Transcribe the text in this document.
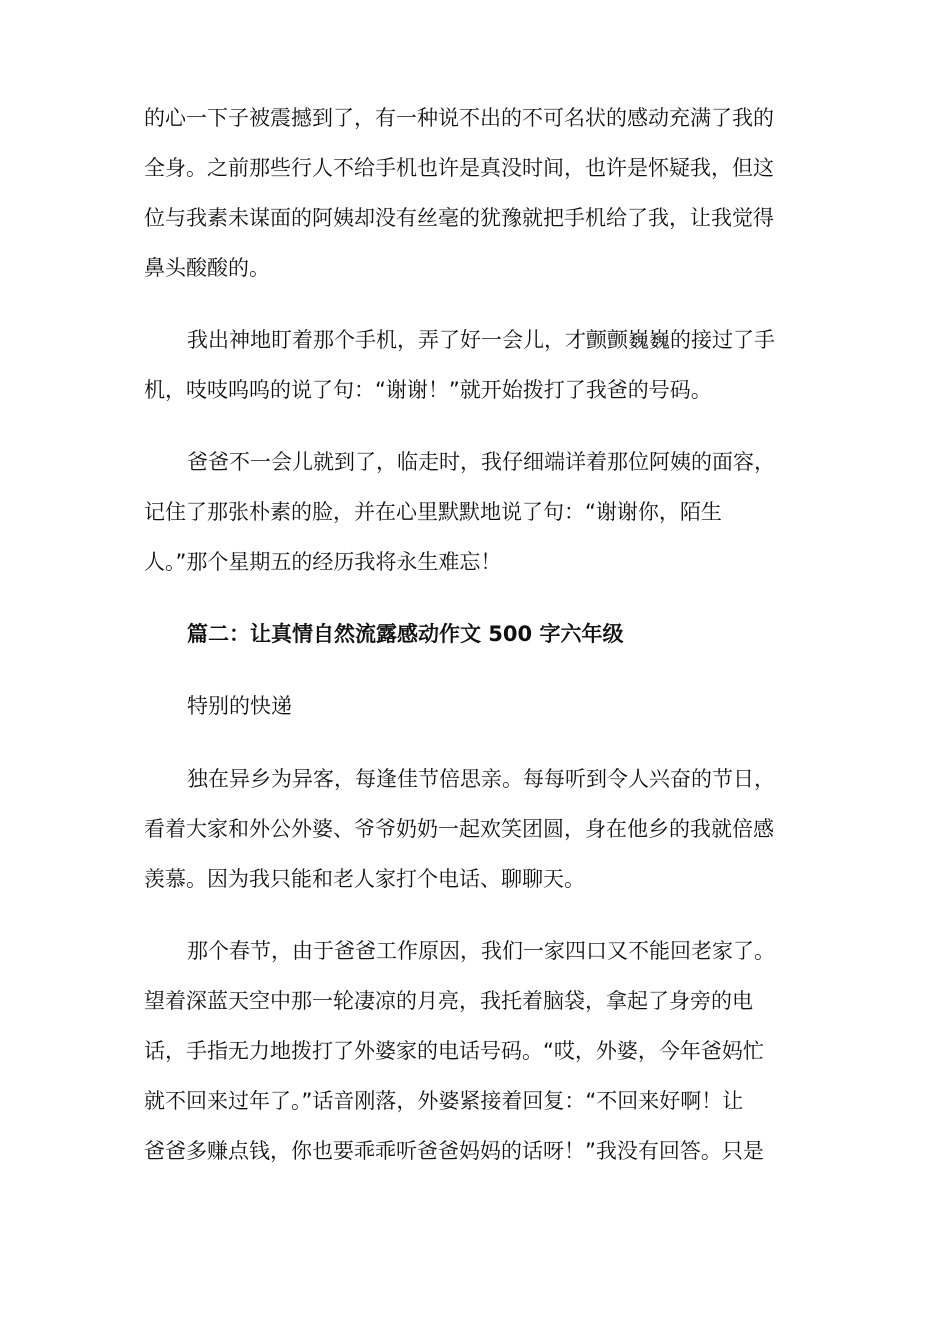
的心一下子被震撼到了，有一种说不出的不可名状的感动充满了我的

全身。之前那些行人不给手机也许是真没时间，也许是怀疑我，但这

位与我素未谋面的阿姨却没有丝毫的犹豫就把手机给了我，让我觉得

鼻头酸酸的。

我出神地盯着那个手机，弄了好一会儿，才颤颤巍巍的接过了手

机，吱吱呜呜的说了句：“谢谢！”就开始拨打了我爸的号码。

爸爸不一会儿就到了，临走时，我仔细端详着那位阿姨的面容，

记住了那张朴素的脸，并在心里默默地说了句：“谢谢你，陌生

人。”那个星期五的经历我将永生难忘！

篇二：让真情自然流露感动作文 500 字六年级

特别的快递

独在异乡为异客，每逢佳节倍思亲。每每听到令人兴奋的节日，

看着大家和外公外婆、爷爷奶奶一起欢笑团圆，身在他乡的我就倍感

羡慕。因为我只能和老人家打个电话、聊聊天。

那个春节，由于爸爸工作原因，我们一家四口又不能回老家了。

望着深蓝天空中那一轮凄凉的月亮，我托着脑袋，拿起了身旁的电

话，手指无力地拨打了外婆家的电话号码。“哎，外婆，今年爸妈忙

就不回来过年了。”话音刚落，外婆紧接着回复：“不回来好啊！让

爸爸多赚点钱，你也要乖乖听爸爸妈妈的话呀！”我没有回答。只是
